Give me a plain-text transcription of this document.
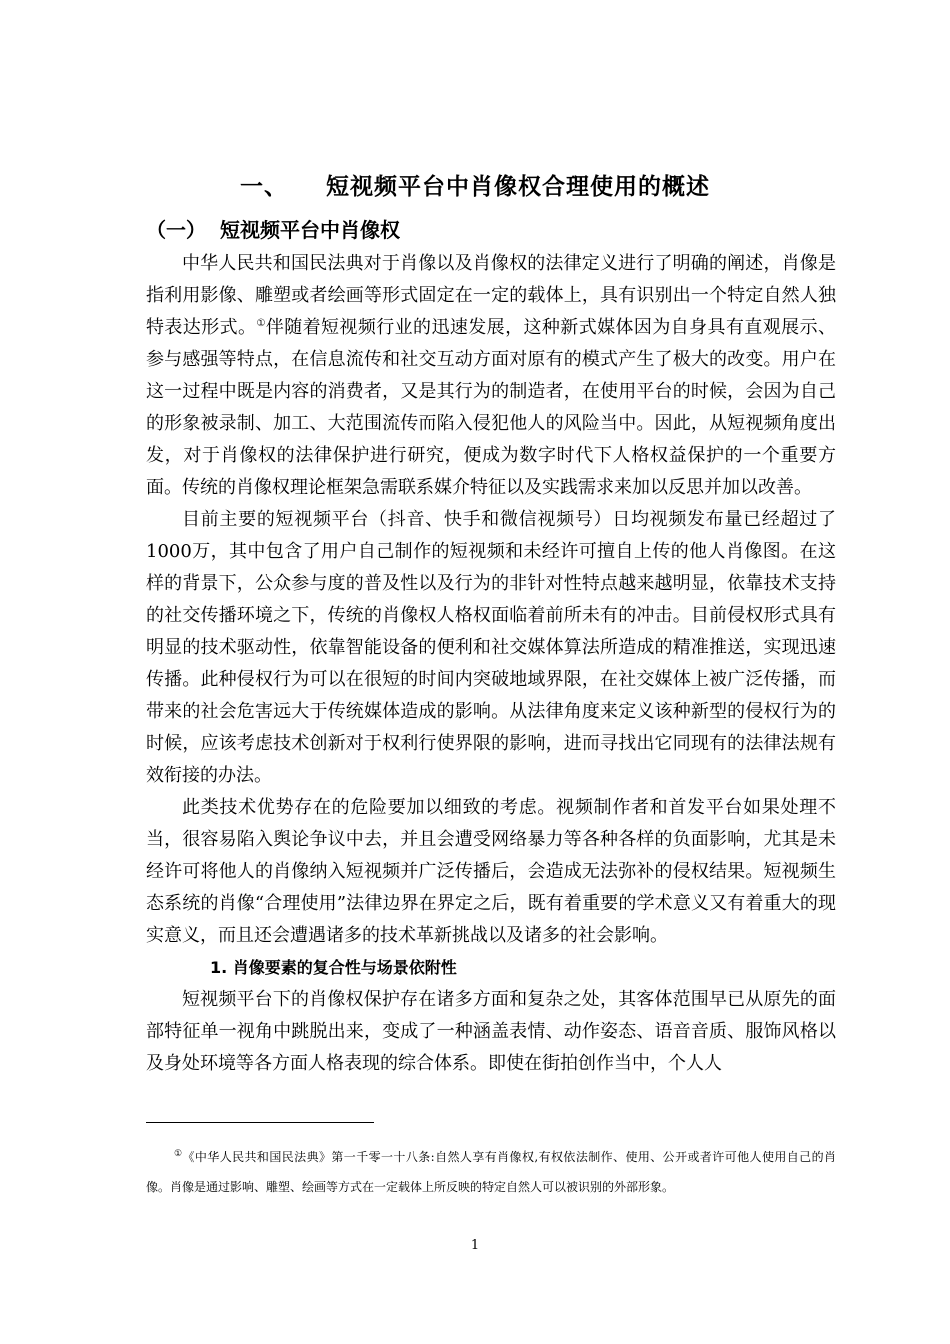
一、 短视频平台中肖像权合理使用的概述
（一） 短视频平台中肖像权

中华人民共和国民法典对于肖像以及肖像权的法律定义进行了明确的阐述，肖像是指利用影像、雕塑或者绘画等形式固定在一定的载体上，具有识别出一个特定自然人独特表达形式。①伴随着短视频行业的迅速发展，这种新式媒体因为自身具有直观展示、参与感强等特点，在信息流传和社交互动方面对原有的模式产生了极大的改变。用户在这一过程中既是内容的消费者，又是其行为的制造者，在使用平台的时候，会因为自己的形象被录制、加工、大范围流传而陷入侵犯他人的风险当中。因此，从短视频角度出发，对于肖像权的法律保护进行研究，便成为数字时代下人格权益保护的一个重要方面。传统的肖像权理论框架急需联系媒介特征以及实践需求来加以反思并加以改善。

目前主要的短视频平台（抖音、快手和微信视频号）日均视频发布量已经超过了1000万，其中包含了用户自己制作的短视频和未经许可擅自上传的他人肖像图。在这样的背景下，公众参与度的普及性以及行为的非针对性特点越来越明显，依靠技术支持的社交传播环境之下，传统的肖像权人格权面临着前所未有的冲击。目前侵权形式具有明显的技术驱动性，依靠智能设备的便利和社交媒体算法所造成的精准推送，实现迅速传播。此种侵权行为可以在很短的时间内突破地域界限，在社交媒体上被广泛传播，而带来的社会危害远大于传统媒体造成的影响。从法律角度来定义该种新型的侵权行为的时候，应该考虑技术创新对于权利行使界限的影响，进而寻找出它同现有的法律法规有效衔接的办法。

此类技术优势存在的危险要加以细致的考虑。视频制作者和首发平台如果处理不当，很容易陷入舆论争议中去，并且会遭受网络暴力等各种各样的负面影响，尤其是未经许可将他人的肖像纳入短视频并广泛传播后，会造成无法弥补的侵权结果。短视频生态系统的肖像“合理使用”法律边界在界定之后，既有着重要的学术意义又有着重大的现实意义，而且还会遭遇诸多的技术革新挑战以及诸多的社会影响。

1. 肖像要素的复合性与场景依附性

短视频平台下的肖像权保护存在诸多方面和复杂之处，其客体范围早已从原先的面部特征单一视角中跳脱出来，变成了一种涵盖表情、动作姿态、语音音质、服饰风格以及身处环境等各方面人格表现的综合体系。即使在街拍创作当中，个人人

①《中华人民共和国民法典》第一千零一十八条:自然人享有肖像权,有权依法制作、使用、公开或者许可他人使用自己的肖像。肖像是通过影响、雕塑、绘画等方式在一定载体上所反映的特定自然人可以被识别的外部形象。

1
